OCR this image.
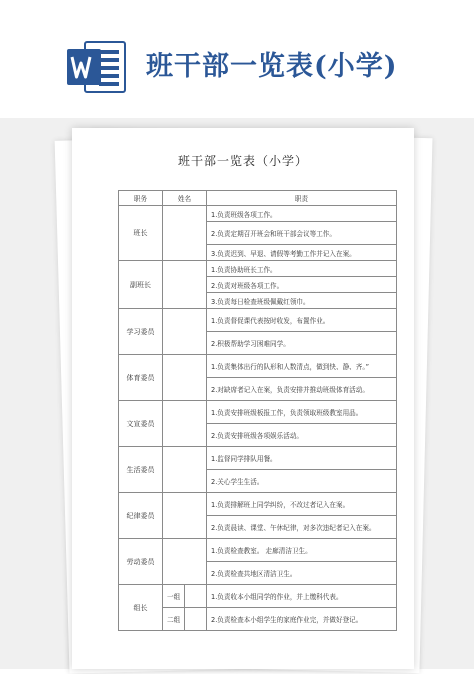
班干部一览表(小学)
班干部一览表（小学）
职务	姓名		职责
班长			1.负责班级各项工作。
			2.负责定期召开班会和班干部会议等工作。
			3.负责迟到、早退、请假等考勤工作并记入在案。
副班长			1.负责协助班长工作。
			2.负责对班级各项工作。
			3.负责每日检查班级佩戴红领巾。
学习委员			1.负责督促课代表按时收发，布置作业。
			2.积极帮助学习困难同学。
体育委员			1.负责集体出行的队形和人数清点，做到快、静、齐。”
			2.对缺席者记入在案，负责安排并推动班级体育活动。
文宣委员			1.负责安排班级板报工作，负责领取班级教室用品。
			2.负责安排班级各项娱乐活动。
生活委员			1.监督同学排队用餐。
			2.关心学生生活。
纪律委员			1.负责排解班上同学纠纷，不改过者记入在案。
			2.负责晨读、课堂、午休纪律，对多次违纪者记入在案。
劳动委员			1.负责检查教室。 走廊清洁卫生。
			2.负责检查共地区清洁卫生。
组长	一组		1.负责收本小组同学的作业，并上缴科代表。
	二组		2.负责检查本小组学生的家庭作业完，并做好登记。
